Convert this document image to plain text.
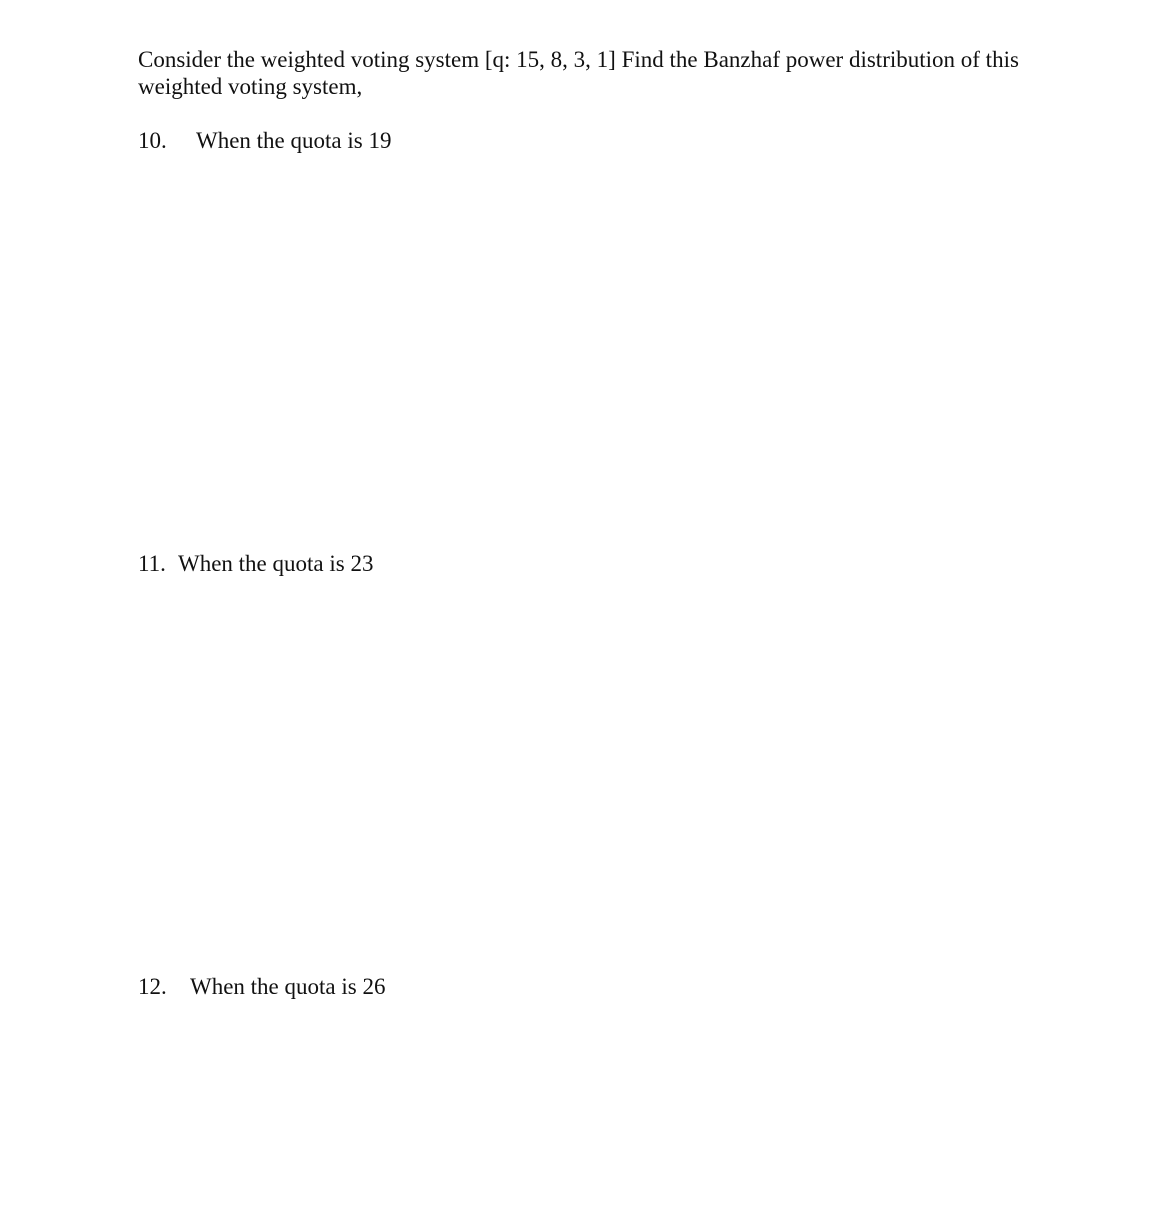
Consider the weighted voting system [q: 15, 8, 3, 1] Find the Banzhaf power distribution of this
weighted voting system,

10. When the quota is 19

11. When the quota is 23

12. When the quota is 26
